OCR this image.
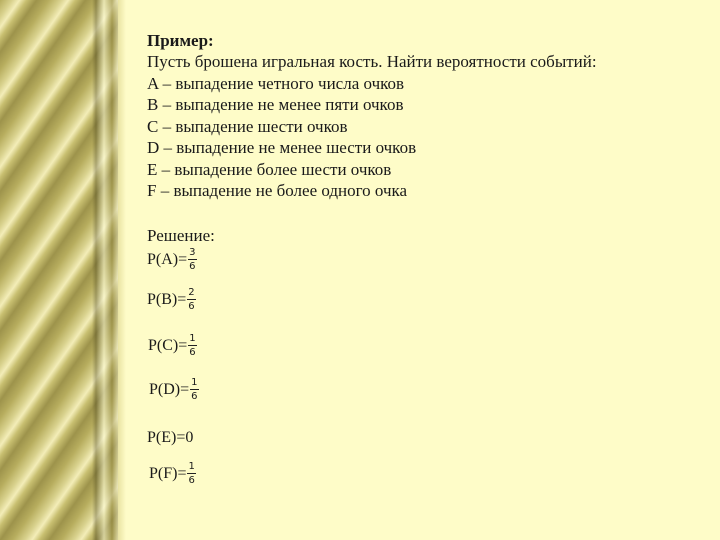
Пример:
Пусть брошена игральная кость. Найти вероятности событий:
A – выпадение четного числа очков
B – выпадение не менее пяти очков
C – выпадение шести очков
D – выпадение не менее шести очков
E – выпадение более шести очков
F – выпадение не более одного очка
Решение:
$P(A)= \frac{3}{6}$
$P(B)= \frac{2}{6}$
$P(C)= \frac{1}{6}$
$P(D)= \frac{1}{6}$
P(E)=0
$P(F)= \frac{1}{6}$
